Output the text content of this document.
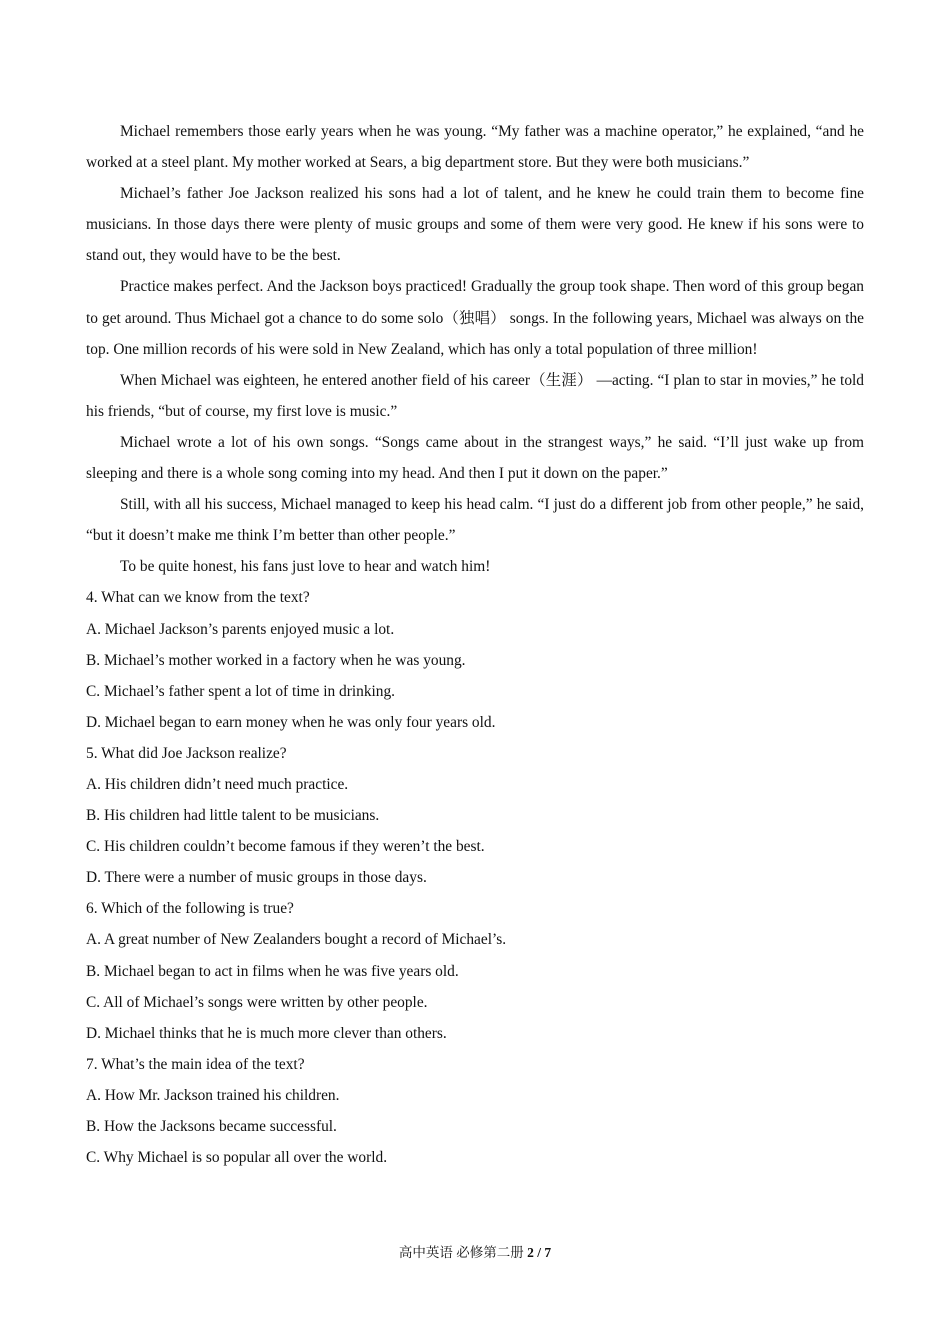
Michael remembers those early years when he was young. “My father was a machine operator,” he explained, “and he worked at a steel plant. My mother worked at Sears, a big department store. But they were both musicians.”

Michael’s father Joe Jackson realized his sons had a lot of talent, and he knew he could train them to become fine musicians. In those days there were plenty of music groups and some of them were very good. He knew if his sons were to stand out, they would have to be the best.

Practice makes perfect. And the Jackson boys practiced! Gradually the group took shape. Then word of this group began to get around. Thus Michael got a chance to do some solo（独唱） songs. In the following years, Michael was always on the top. One million records of his were sold in New Zealand, which has only a total population of three million!

When Michael was eighteen, he entered another field of his career（生涯） —acting. “I plan to star in movies,” he told his friends, “but of course, my first love is music.”

Michael wrote a lot of his own songs. “Songs came about in the strangest ways,” he said. “I’ll just wake up from sleeping and there is a whole song coming into my head. And then I put it down on the paper.”

Still, with all his success, Michael managed to keep his head calm. “I just do a different job from other people,” he said, “but it doesn’t make me think I’m better than other people.”

To be quite honest, his fans just love to hear and watch him!

4. What can we know from the text?

A. Michael Jackson’s parents enjoyed music a lot.

B. Michael’s mother worked in a factory when he was young.

C. Michael’s father spent a lot of time in drinking.

D. Michael began to earn money when he was only four years old.

5. What did Joe Jackson realize?

A. His children didn’t need much practice.

B. His children had little talent to be musicians.

C. His children couldn’t become famous if they weren’t the best.

D. There were a number of music groups in those days.

6. Which of the following is true?

A. A great number of New Zealanders bought a record of Michael’s.

B. Michael began to act in films when he was five years old.

C. All of Michael’s songs were written by other people.

D. Michael thinks that he is much more clever than others.

7. What’s the main idea of the text?

A. How Mr. Jackson trained his children.

B. How the Jacksons became successful.

C. Why Michael is so popular all over the world.

高中英语 必修第二册 2 / 7
